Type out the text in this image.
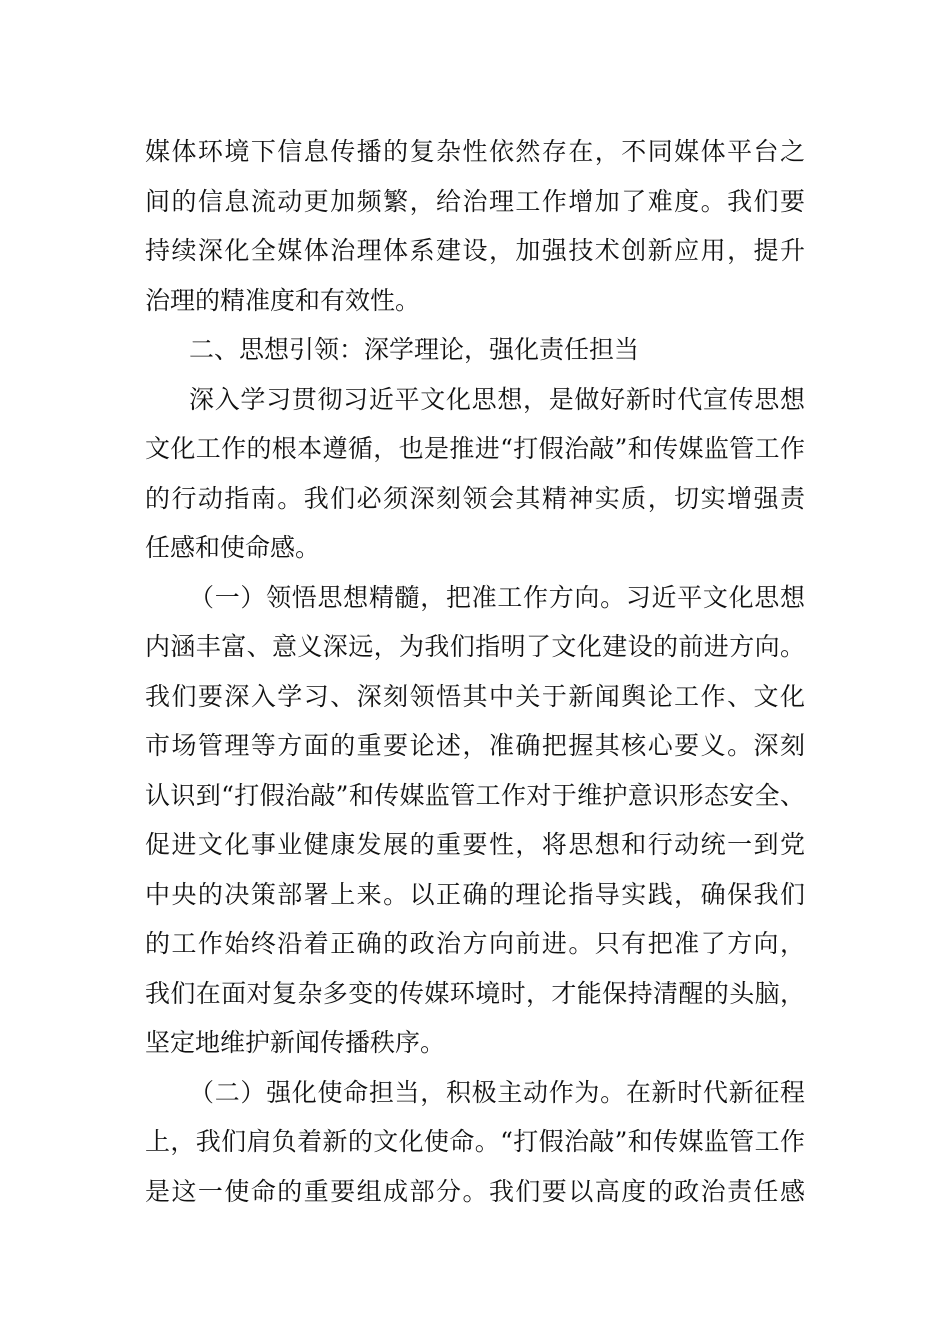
媒体环境下信息传播的复杂性依然存在，不同媒体平台之
间的信息流动更加频繁，给治理工作增加了难度。我们要
持续深化全媒体治理体系建设，加强技术创新应用，提升
治理的精准度和有效性。
二、思想引领：深学理论，强化责任担当
深入学习贯彻习近平文化思想，是做好新时代宣传思想
文化工作的根本遵循，也是推进“打假治敲”和传媒监管工作
的行动指南。我们必须深刻领会其精神实质，切实增强责
任感和使命感。
（一）领悟思想精髓，把准工作方向。习近平文化思想
内涵丰富、意义深远，为我们指明了文化建设的前进方向。
我们要深入学习、深刻领悟其中关于新闻舆论工作、文化
市场管理等方面的重要论述，准确把握其核心要义。深刻
认识到“打假治敲”和传媒监管工作对于维护意识形态安全、
促进文化事业健康发展的重要性，将思想和行动统一到党
中央的决策部署上来。以正确的理论指导实践，确保我们
的工作始终沿着正确的政治方向前进。只有把准了方向，
我们在面对复杂多变的传媒环境时，才能保持清醒的头脑，
坚定地维护新闻传播秩序。
（二）强化使命担当，积极主动作为。在新时代新征程
上，我们肩负着新的文化使命。“打假治敲”和传媒监管工作
是这一使命的重要组成部分。我们要以高度的政治责任感
